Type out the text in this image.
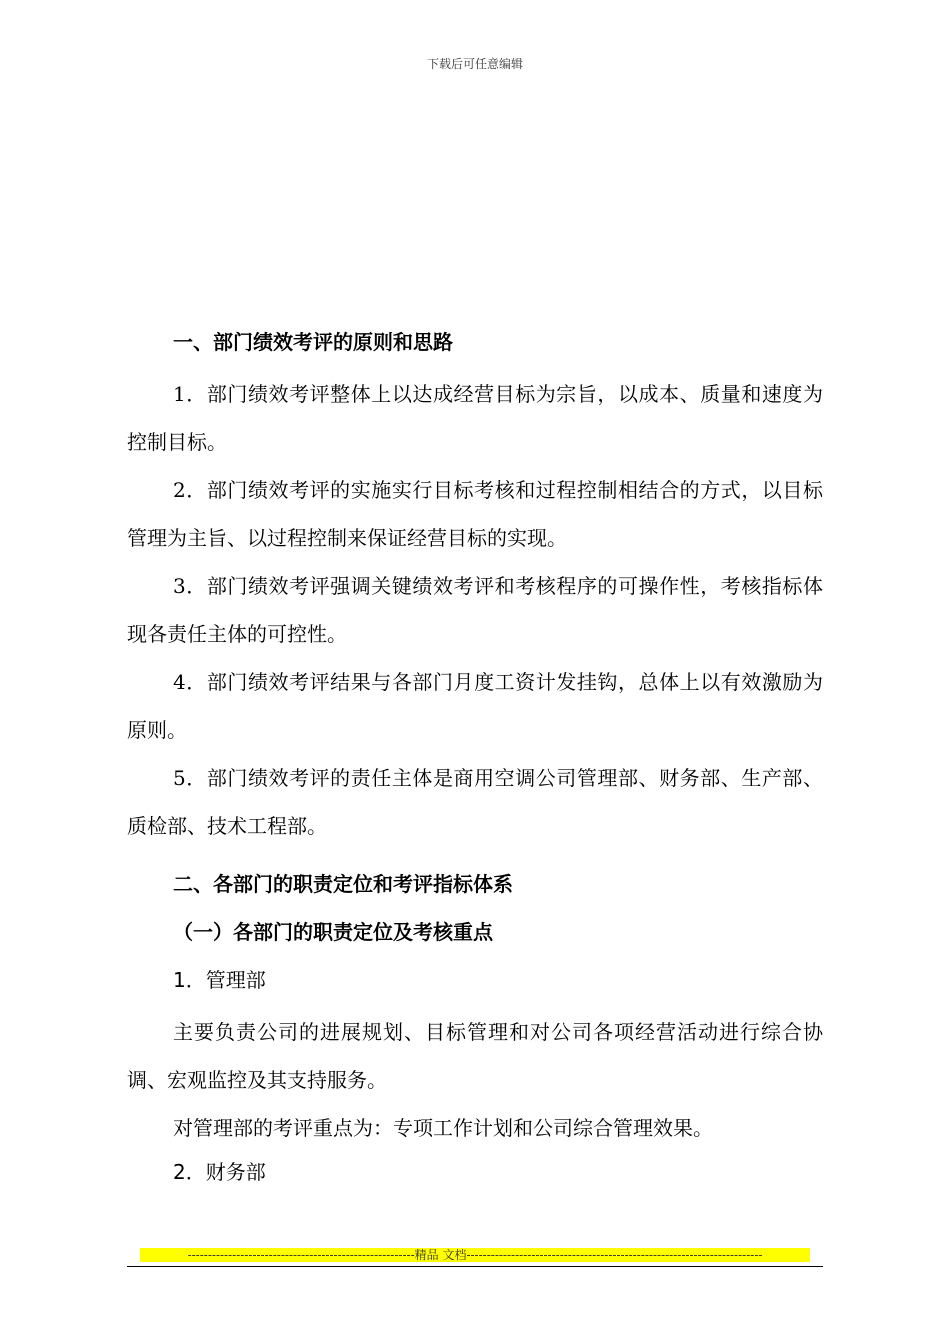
下载后可任意编辑

一、部门绩效考评的原则和思路

1．部门绩效考评整体上以达成经营目标为宗旨，以成本、质量和速度为控制目标。

2．部门绩效考评的实施实行目标考核和过程控制相结合的方式，以目标管理为主旨、以过程控制来保证经营目标的实现。

3．部门绩效考评强调关键绩效考评和考核程序的可操作性，考核指标体现各责任主体的可控性。

4．部门绩效考评结果与各部门月度工资计发挂钩，总体上以有效激励为原则。

5．部门绩效考评的责任主体是商用空调公司管理部、财务部、生产部、质检部、技术工程部。

二、各部门的职责定位和考评指标体系

（一）各部门的职责定位及考核重点

1．管理部

主要负责公司的进展规划、目标管理和对公司各项经营活动进行综合协调、宏观监控及其支持服务。

对管理部的考评重点为：专项工作计划和公司综合管理效果。

2．财务部

--------------------------------------------------------精品 文档-------------------------------------------------------------------------
